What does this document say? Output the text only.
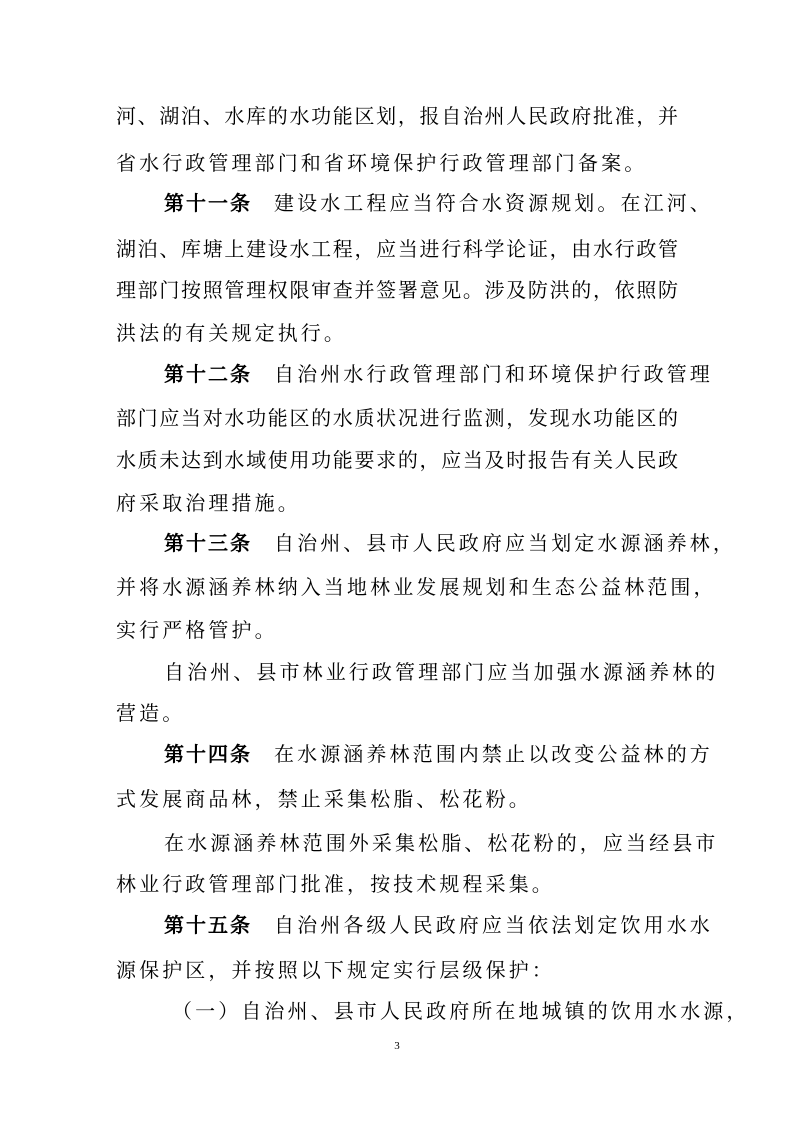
河、湖泊、水库的水功能区划，报自治州人民政府批准，并
省水行政管理部门和省环境保护行政管理部门备案。
第十一条 建设水工程应当符合水资源规划。在江河、
湖泊、库塘上建设水工程，应当进行科学论证，由水行政管
理部门按照管理权限审查并签署意见。涉及防洪的，依照防
洪法的有关规定执行。
第十二条 自治州水行政管理部门和环境保护行政管理
部门应当对水功能区的水质状况进行监测，发现水功能区的
水质未达到水域使用功能要求的，应当及时报告有关人民政
府采取治理措施。
第十三条 自治州、县市人民政府应当划定水源涵养林，
并将水源涵养林纳入当地林业发展规划和生态公益林范围，
实行严格管护。
自治州、县市林业行政管理部门应当加强水源涵养林的
营造。
第十四条 在水源涵养林范围内禁止以改变公益林的方
式发展商品林，禁止采集松脂、松花粉。
在水源涵养林范围外采集松脂、松花粉的，应当经县市
林业行政管理部门批准，按技术规程采集。
第十五条 自治州各级人民政府应当依法划定饮用水水
源保护区，并按照以下规定实行层级保护：
（一）自治州、县市人民政府所在地城镇的饮用水水源，
3
